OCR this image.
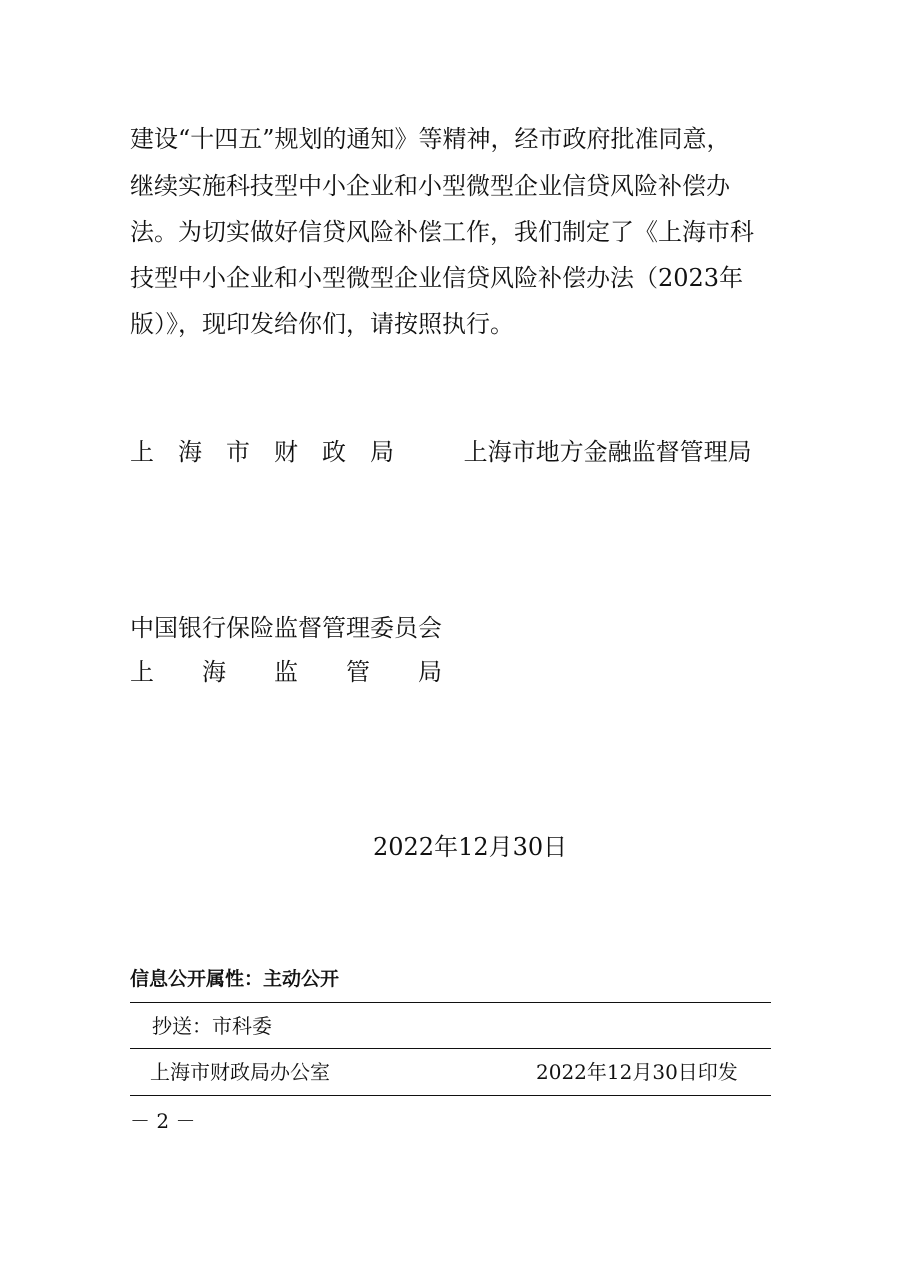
建设“十四五”规划的通知》等精神，经市政府批准同意，
继续实施科技型中小企业和小型微型企业信贷风险补偿办
法。为切实做好信贷风险补偿工作，我们制定了《上海市科
技型中小企业和小型微型企业信贷风险补偿办法（2023年
版）》，现印发给你们，请按照执行。
上　海　市　财　政　局	上海市地方金融监督管理局
中国银行保险监督管理委员会
上　　海　　监　　管　　局
2022年12月30日
信息公开属性：主动公开
抄送：市科委
上海市财政局办公室	2022年12月30日印发
－ 2 －
